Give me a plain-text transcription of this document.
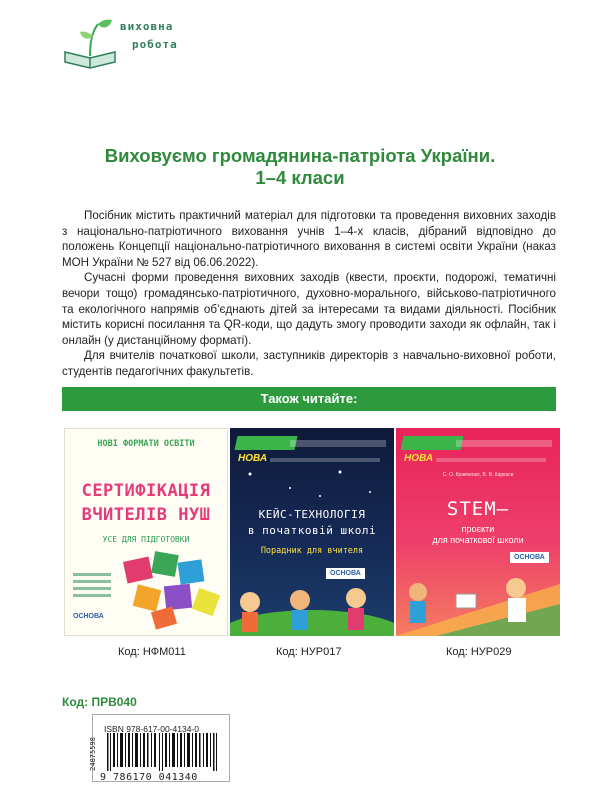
виховна
робота
Виховуємо громадянина-патріота України.
1–4 класи

Посібник містить практичний матеріал для підготовки та проведення виховних заходів з національно-патріотичного виховання учнів 1–4-х класів, дібраний відповідно до положень Концепції національно-патріотичного виховання в системі освіти України (наказ МОН України № 527 від 06.06.2022).

Сучасні форми проведення виховних заходів (квести, проєкти, подорожі, тематичні вечори тощо) громадянсько-патріотичного, духовно-морального, військово-патріотичного та екологічного напрямів об’єднають дітей за інтересами та видами діяльності. Посібник містить корисні посилання та QR-коди, що дадуть змогу проводити заходи як офлайн, так і онлайн (у дистанційному форматі).

Для вчителів початкової школи, заступників директорів з навчально-виховної роботи, студентів педагогічних факультетів.

Також читайте:
НОВІ ФОРМАТИ ОСВІТИ
СЕРТИФІКАЦІЯ
ВЧИТЕЛІВ НУШ
УСЕ ДЛЯ ПІДГОТОВКИ
ОСНОВА
НОВА
КЕЙС-ТЕХНОЛОГІЯ
в початковій школі
Порадник для вчителя
ОСНОВА
НОВА
С. О. Кравченко, В. В. Каркасв
STEM–
проєкти
для початкової школи
ОСНОВА
Код: НФМ011	Код: НУР017	Код: НУР029
Код: ПРВ040
ISBN 978-617-00-4134-0
9 786170 041340
24875598
